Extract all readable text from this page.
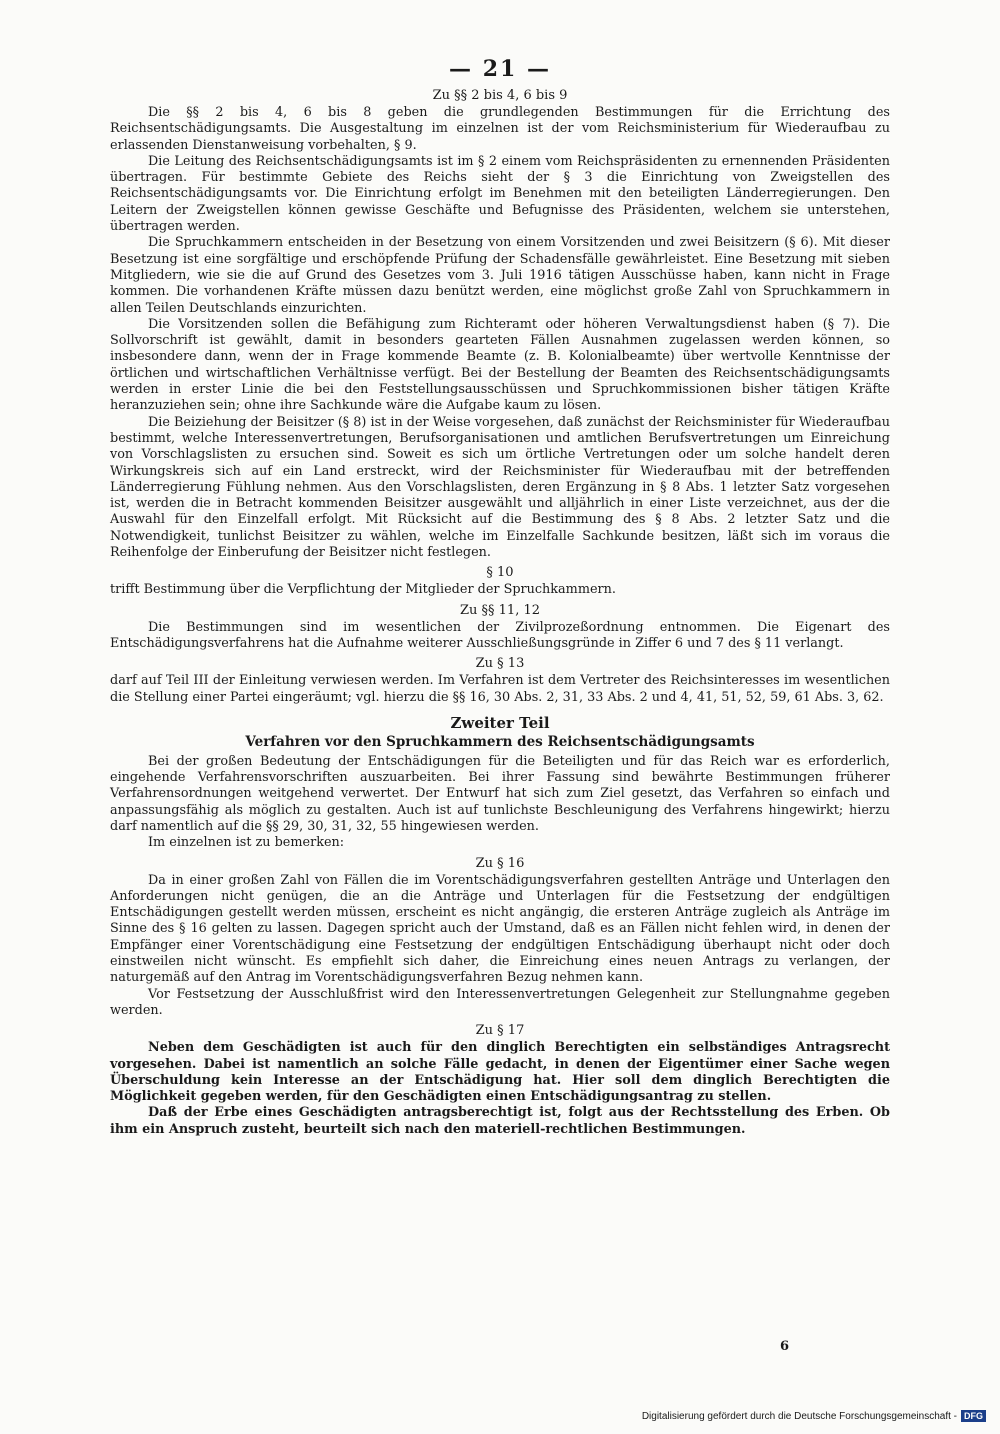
— 21 —
Zu §§ 2 bis 4, 6 bis 9

Die §§ 2 bis 4, 6 bis 8 geben die grundlegenden Bestimmungen für die Errichtung des Reichsentschädigungsamts. Die Ausgestaltung im einzelnen ist der vom Reichsministerium für Wiederaufbau zu erlassenden Dienstanweisung vorbehalten, § 9.

Die Leitung des Reichsentschädigungsamts ist im § 2 einem vom Reichspräsidenten zu ernennenden Präsidenten übertragen. Für bestimmte Gebiete des Reichs sieht der § 3 die Einrichtung von Zweigstellen des Reichsentschädigungsamts vor. Die Einrichtung erfolgt im Benehmen mit den beteiligten Länderregierungen. Den Leitern der Zweigstellen können gewisse Geschäfte und Befugnisse des Präsidenten, welchem sie unterstehen, übertragen werden.

Die Spruchkammern entscheiden in der Besetzung von einem Vorsitzenden und zwei Beisitzern (§ 6). Mit dieser Besetzung ist eine sorgfältige und erschöpfende Prüfung der Schadensfälle gewährleistet. Eine Besetzung mit sieben Mitgliedern, wie sie die auf Grund des Gesetzes vom 3. Juli 1916 tätigen Ausschüsse haben, kann nicht in Frage kommen. Die vorhandenen Kräfte müssen dazu benützt werden, eine möglichst große Zahl von Spruchkammern in allen Teilen Deutschlands einzurichten.

Die Vorsitzenden sollen die Befähigung zum Richteramt oder höheren Verwaltungsdienst haben (§ 7). Die Sollvorschrift ist gewählt, damit in besonders gearteten Fällen Ausnahmen zugelassen werden können, so insbesondere dann, wenn der in Frage kommende Beamte (z. B. Kolonialbeamte) über wertvolle Kenntnisse der örtlichen und wirtschaftlichen Verhältnisse verfügt. Bei der Bestellung der Beamten des Reichsentschädigungsamts werden in erster Linie die bei den Feststellungsausschüssen und Spruchkommissionen bisher tätigen Kräfte heranzuziehen sein; ohne ihre Sachkunde wäre die Aufgabe kaum zu lösen.

Die Beiziehung der Beisitzer (§ 8) ist in der Weise vorgesehen, daß zunächst der Reichsminister für Wiederaufbau bestimmt, welche Interessenvertretungen, Berufsorganisationen und amtlichen Berufsvertretungen um Einreichung von Vorschlagslisten zu ersuchen sind. Soweit es sich um örtliche Vertretungen oder um solche handelt deren Wirkungskreis sich auf ein Land erstreckt, wird der Reichsminister für Wiederaufbau mit der betreffenden Länderregierung Fühlung nehmen. Aus den Vorschlagslisten, deren Ergänzung in § 8 Abs. 1 letzter Satz vorgesehen ist, werden die in Betracht kommenden Beisitzer ausgewählt und alljährlich in einer Liste verzeichnet, aus der die Auswahl für den Einzelfall erfolgt. Mit Rücksicht auf die Bestimmung des § 8 Abs. 2 letzter Satz und die Notwendigkeit, tunlichst Beisitzer zu wählen, welche im Einzelfalle Sachkunde besitzen, läßt sich im voraus die Reihenfolge der Einberufung der Beisitzer nicht festlegen.

§ 10

trifft Bestimmung über die Verpflichtung der Mitglieder der Spruchkammern.

Zu §§ 11, 12

Die Bestimmungen sind im wesentlichen der Zivilprozeßordnung entnommen. Die Eigenart des Entschädigungsverfahrens hat die Aufnahme weiterer Ausschließungsgründe in Ziffer 6 und 7 des § 11 verlangt.

Zu § 13

darf auf Teil III der Einleitung verwiesen werden. Im Verfahren ist dem Vertreter des Reichsinteresses im wesentlichen die Stellung einer Partei eingeräumt; vgl. hierzu die §§ 16, 30 Abs. 2, 31, 33 Abs. 2 und 4, 41, 51, 52, 59, 61 Abs. 3, 62.

Zweiter Teil
Verfahren vor den Spruchkammern des Reichsentschädigungsamts

Bei der großen Bedeutung der Entschädigungen für die Beteiligten und für das Reich war es erforderlich, eingehende Verfahrensvorschriften auszuarbeiten. Bei ihrer Fassung sind bewährte Bestimmungen früherer Verfahrensordnungen weitgehend verwertet. Der Entwurf hat sich zum Ziel gesetzt, das Verfahren so einfach und anpassungsfähig als möglich zu gestalten. Auch ist auf tunlichste Beschleunigung des Verfahrens hingewirkt; hierzu darf namentlich auf die §§ 29, 30, 31, 32, 55 hingewiesen werden.

Im einzelnen ist zu bemerken:

Zu § 16

Da in einer großen Zahl von Fällen die im Vorentschädigungsverfahren gestellten Anträge und Unterlagen den Anforderungen nicht genügen, die an die Anträge und Unterlagen für die Festsetzung der endgültigen Entschädigungen gestellt werden müssen, erscheint es nicht angängig, die ersteren Anträge zugleich als Anträge im Sinne des § 16 gelten zu lassen. Dagegen spricht auch der Umstand, daß es an Fällen nicht fehlen wird, in denen der Empfänger einer Vorentschädigung eine Festsetzung der endgültigen Entschädigung überhaupt nicht oder doch einstweilen nicht wünscht. Es empfiehlt sich daher, die Einreichung eines neuen Antrags zu verlangen, der naturgemäß auf den Antrag im Vorentschädigungsverfahren Bezug nehmen kann.

Vor Festsetzung der Ausschlußfrist wird den Interessenvertretungen Gelegenheit zur Stellungnahme gegeben werden.

Zu § 17

Neben dem Geschädigten ist auch für den dinglich Berechtigten ein selbständiges Antragsrecht vorgesehen. Dabei ist namentlich an solche Fälle gedacht, in denen der Eigentümer einer Sache wegen Überschuldung kein Interesse an der Entschädigung hat. Hier soll dem dinglich Berechtigten die Möglichkeit gegeben werden, für den Geschädigten einen Entschädigungsantrag zu stellen.

Daß der Erbe eines Geschädigten antragsberechtigt ist, folgt aus der Rechtsstellung des Erben. Ob ihm ein Anspruch zusteht, beurteilt sich nach den materiell-rechtlichen Bestimmungen.

6
Digitalisierung gefördert durch die Deutsche Forschungsgemeinschaft - DFG
